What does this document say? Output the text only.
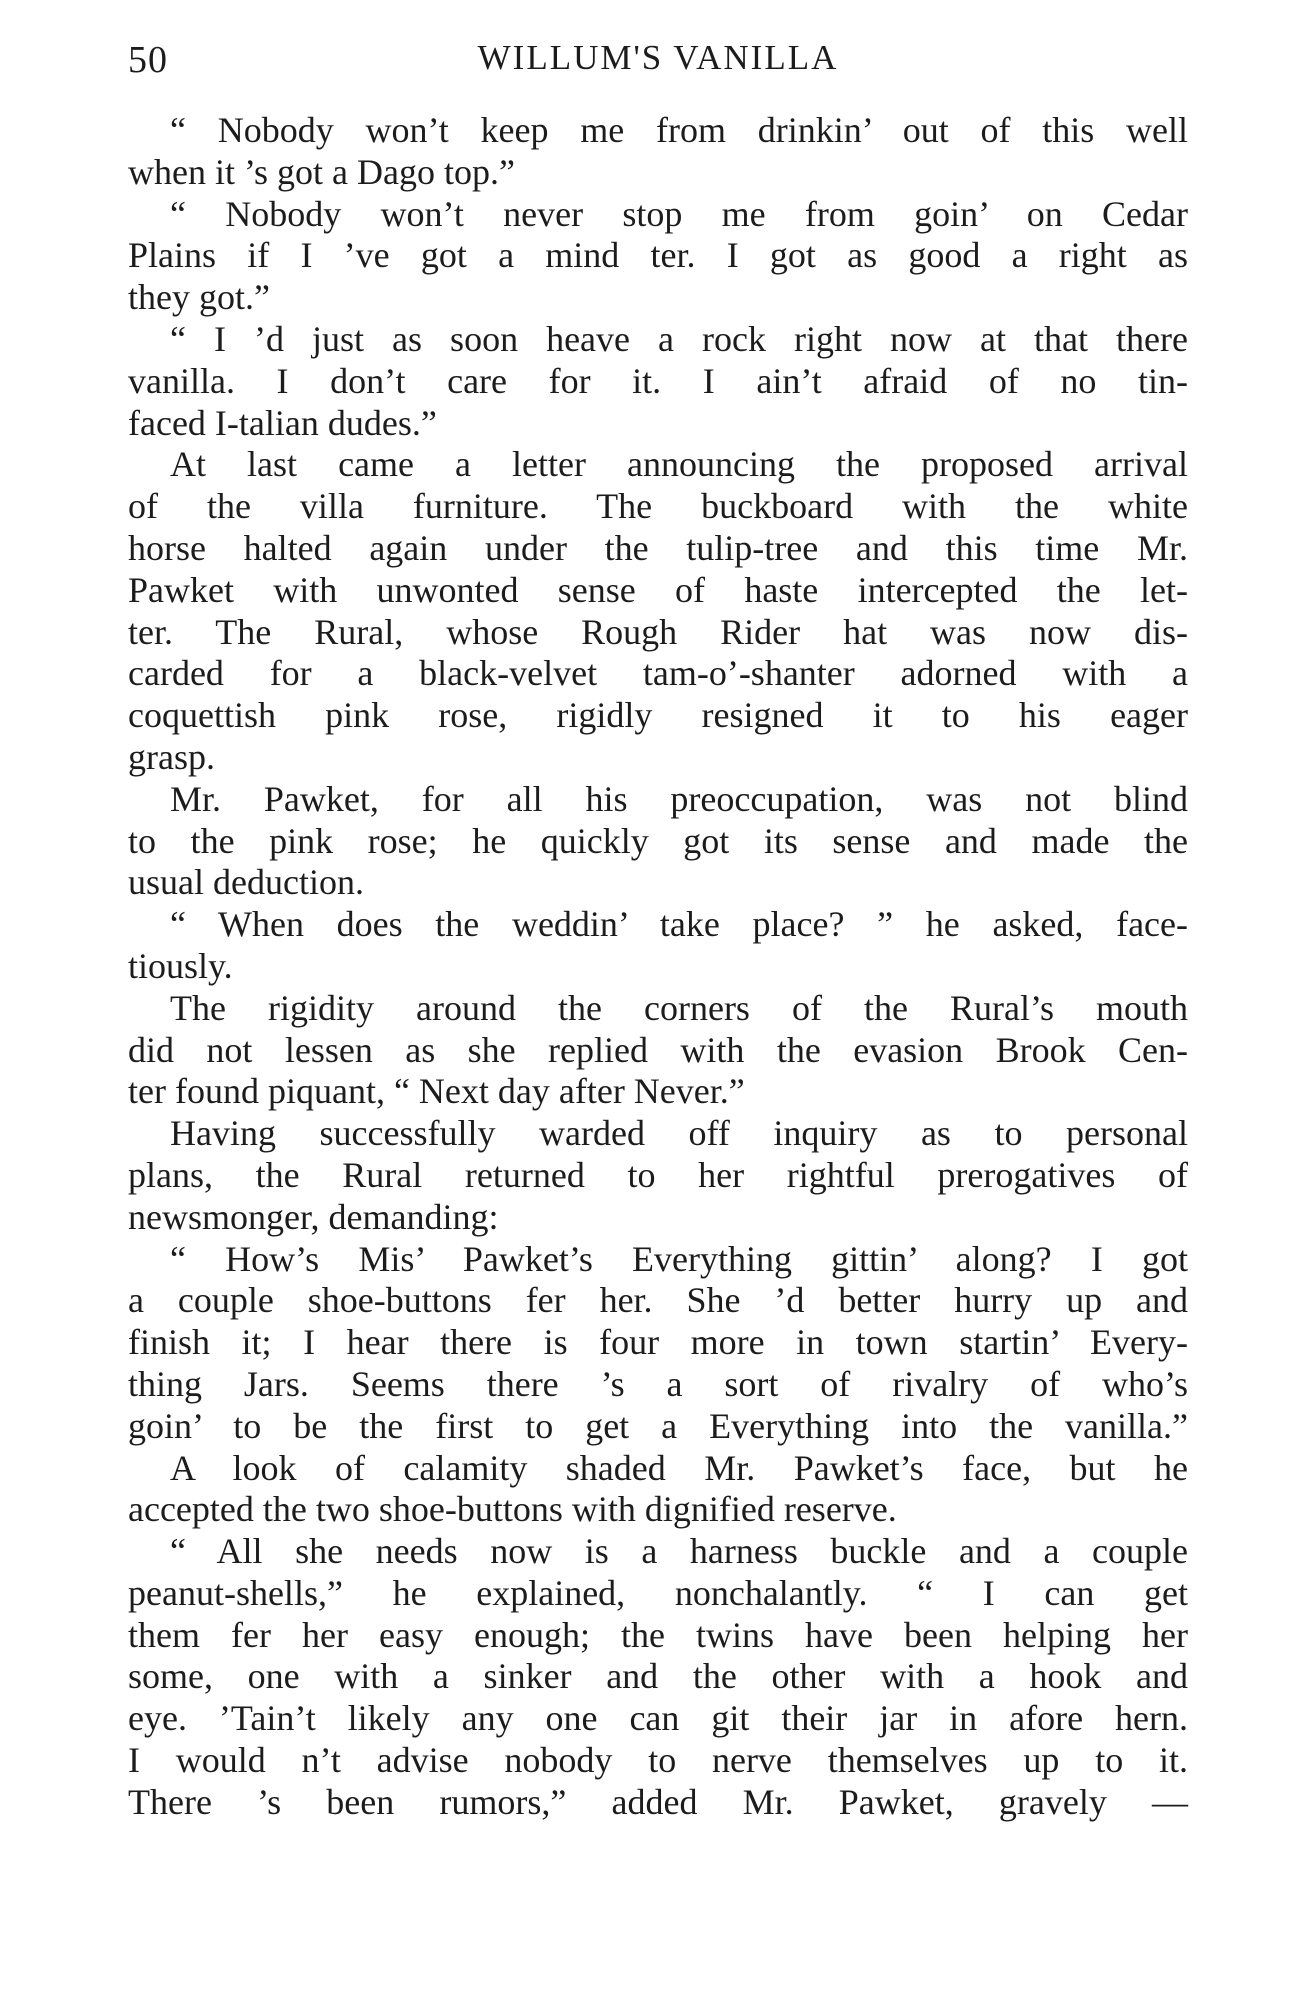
50	WILLUM'S VANILLA
“ Nobody won’t keep me from drinkin’ out of this well
when it ’s got a Dago top.”
“ Nobody won’t never stop me from goin’ on Cedar
Plains if I ’ve got a mind ter. I got as good a right as
they got.”
“ I ’d just as soon heave a rock right now at that there
vanilla. I don’t care for it. I ain’t afraid of no tin-
faced I-talian dudes.”
At last came a letter announcing the proposed arrival
of the villa furniture. The buckboard with the white
horse halted again under the tulip-tree and this time Mr.
Pawket with unwonted sense of haste intercepted the let-
ter. The Rural, whose Rough Rider hat was now dis-
carded for a black-velvet tam-o’-shanter adorned with a
coquettish pink rose, rigidly resigned it to his eager
grasp.
Mr. Pawket, for all his preoccupation, was not blind
to the pink rose; he quickly got its sense and made the
usual deduction.
“ When does the weddin’ take place? ” he asked, face-
tiously.
The rigidity around the corners of the Rural’s mouth
did not lessen as she replied with the evasion Brook Cen-
ter found piquant, “ Next day after Never.”
Having successfully warded off inquiry as to personal
plans, the Rural returned to her rightful prerogatives of
newsmonger, demanding:
“ How’s Mis’ Pawket’s Everything gittin’ along? I got
a couple shoe-buttons fer her. She ’d better hurry up and
finish it; I hear there is four more in town startin’ Every-
thing Jars. Seems there ’s a sort of rivalry of who’s
goin’ to be the first to get a Everything into the vanilla.”
A look of calamity shaded Mr. Pawket’s face, but he
accepted the two shoe-buttons with dignified reserve.
“ All she needs now is a harness buckle and a couple
peanut-shells,” he explained, nonchalantly. “ I can get
them fer her easy enough; the twins have been helping her
some, one with a sinker and the other with a hook and
eye. ’Tain’t likely any one can git their jar in afore hern.
I would n’t advise nobody to nerve themselves up to it.
There ’s been rumors,” added Mr. Pawket, gravely —
